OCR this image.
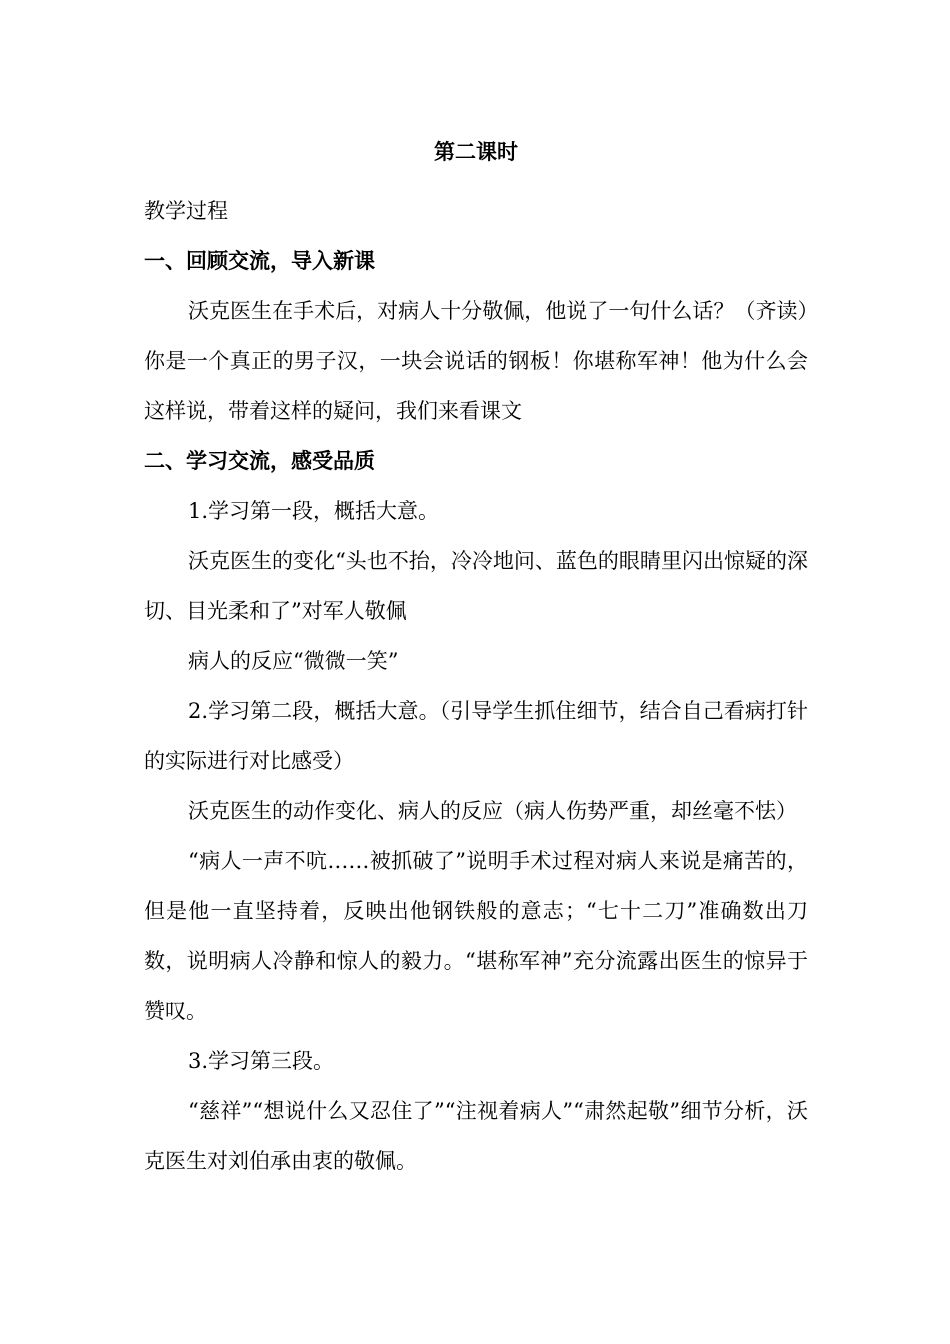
第二课时

教学过程

一、回顾交流，导入新课

沃克医生在手术后，对病人十分敬佩，他说了一句什么话？（齐读）你是一个真正的男子汉，一块会说话的钢板！你堪称军神！他为什么会这样说，带着这样的疑问，我们来看课文

二、学习交流，感受品质

1.学习第一段，概括大意。

沃克医生的变化“头也不抬，冷冷地问、蓝色的眼睛里闪出惊疑的深切、目光柔和了”对军人敬佩

病人的反应“微微一笑”

2.学习第二段，概括大意。（引导学生抓住细节，结合自己看病打针的实际进行对比感受）

沃克医生的动作变化、病人的反应（病人伤势严重，却丝毫不怯）

“病人一声不吭……被抓破了”说明手术过程对病人来说是痛苦的，但是他一直坚持着，反映出他钢铁般的意志；“七十二刀”准确数出刀数，说明病人冷静和惊人的毅力。“堪称军神”充分流露出医生的惊异于赞叹。

3.学习第三段。

“慈祥”“想说什么又忍住了”“注视着病人”“肃然起敬”细节分析，沃克医生对刘伯承由衷的敬佩。
